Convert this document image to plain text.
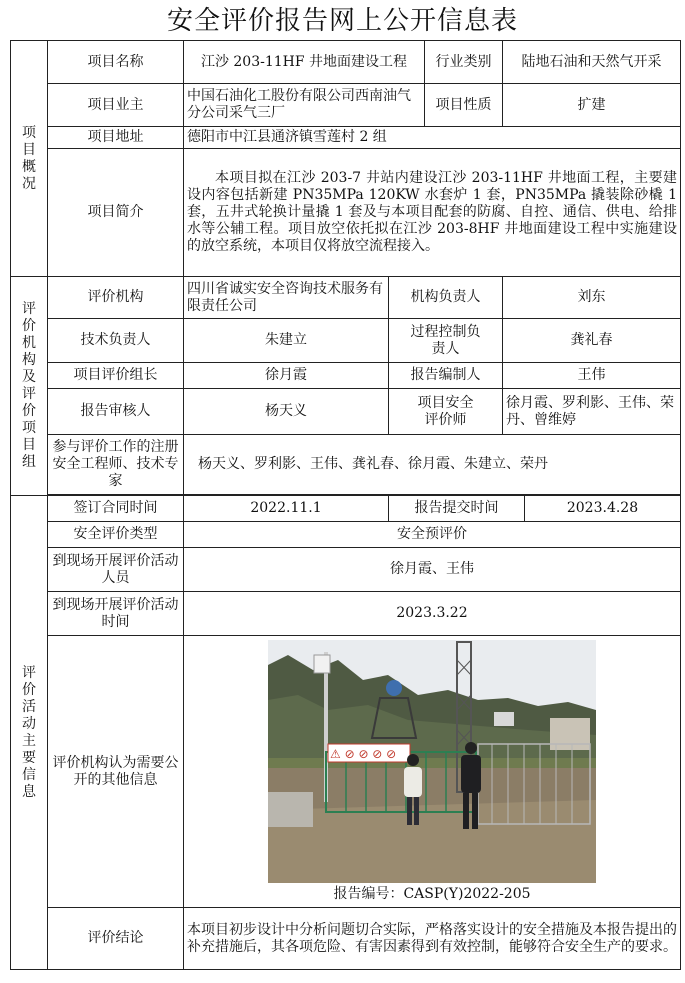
安全评价报告网上公开信息表
项目概况	项目名称	江沙 203-11HF 井地面建设工程		行业类别	陆地石油和天然气开采	
	项目业主	中国石油化工股份有限公司西南油气分公司采气三厂		项目性质	扩建	
	项目地址	德阳市中江县通济镇雪莲村 2 组				
	项目简介	本项目拟在江沙 203-7 井站内建设江沙 203-11HF 井地面工程，主要建设内容包括新建 PN35MPa 120KW 水套炉 1 套，PN35MPa 撬装除砂橇 1 套，五井式轮换计量撬 1 套及与本项目配套的防腐、自控、通信、供电、给排水等公辅工程。项目放空依托拟在江沙 203-8HF 井地面建设工程中实施建设的放空系统，本项目仅将放空流程接入。				

评价机构及评价项目组	评价机构	四川省诚实安全咨询技术服务有限责任公司	机构负责人		刘东	
	技术负责人	朱建立	过程控制负责人		龚礼春	
	项目评价组长	徐月霞	报告编制人		王伟	
	报告审核人	杨天义	项目安全评价师		徐月霞、罗利影、王伟、荣丹、曾维婷	
	参与评价工作的注册安全工程师、技术专家	杨天义、罗利影、王伟、龚礼春、徐月霞、朱建立、荣丹				

评价活动主要信息	签订合同时间	2022.11.1	报告提交时间			2023.4.28
	安全评价类型	安全预评价				
	到现场开展评价活动人员	徐月霞、王伟				
	到现场开展评价活动时间	2023.3.22				
	评价机构认为需要公开的其他信息	⚠ ⊘ ⊘ ⊘ ⊘
报告编号：CASP(Y)2022-205				

	评价结论	本项目初步设计中分析问题切合实际，严格落实设计的安全措施及本报告提出的补充措施后，其各项危险、有害因素得到有效控制，能够符合安全生产的要求。				
